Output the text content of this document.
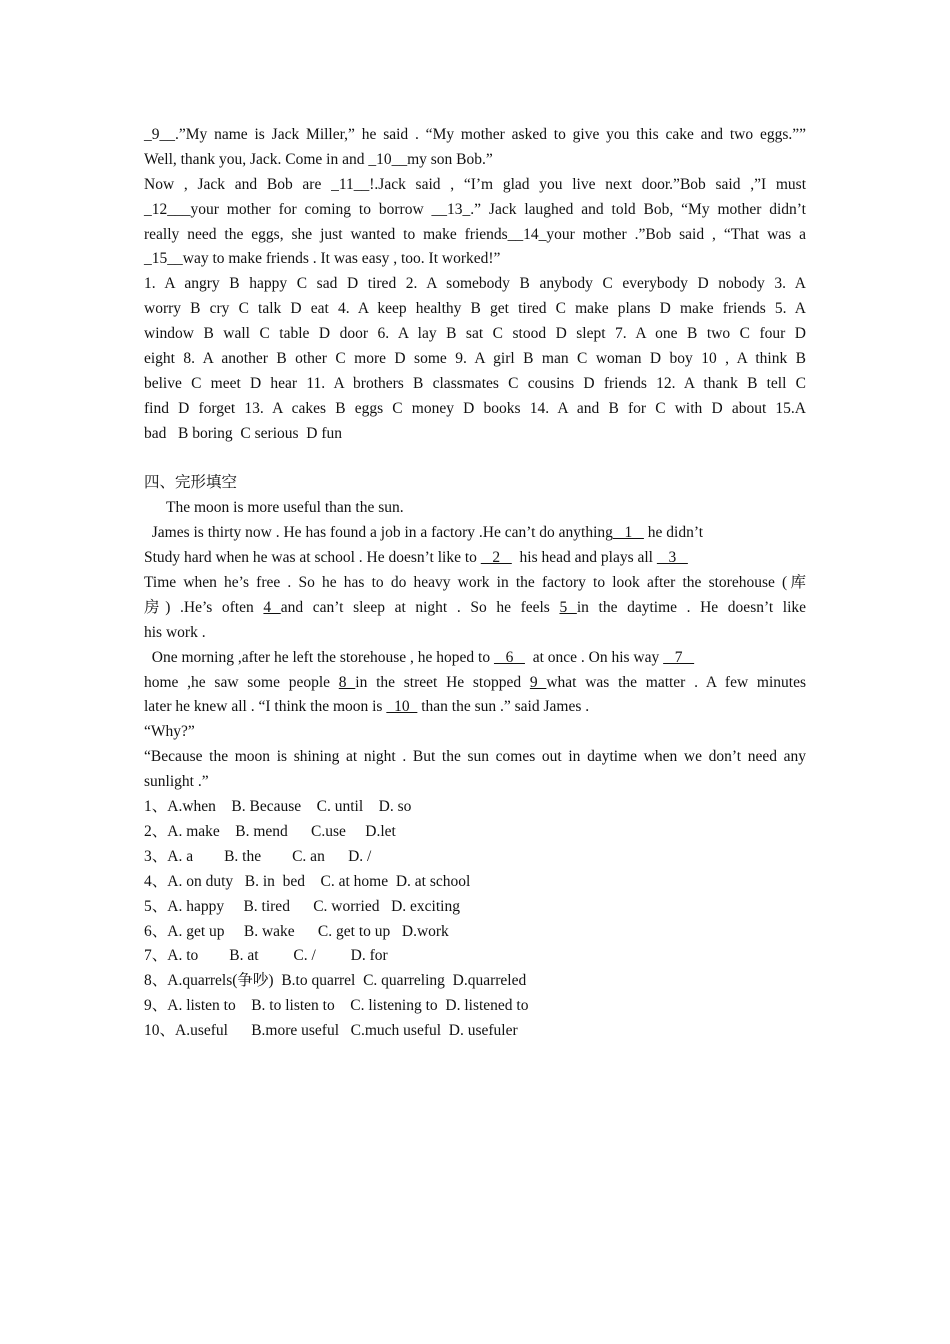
_9__.”My name is Jack Miller,” he said . “My mother asked to give you this cake and two eggs.””
Well, thank you, Jack. Come in and _10__my son Bob.”
Now , Jack and Bob are _11__!.Jack said , “I’m glad you live next door.”Bob said ,”I must
_12___your mother for coming to borrow __13_.” Jack laughed and told Bob, “My mother didn’t
really need the eggs, she just wanted to make friends__14_your mother .”Bob said , “That was a
_15__way to make friends . It was easy , too. It worked!”
1. A angry B happy C sad D tired 2. A somebody B anybody C everybody D nobody 3. A
worry B cry C talk D eat 4. A keep healthy B get tired C make plans D make friends 5. A
window B wall C table D door 6. A lay B sat C stood D slept 7. A one B two C four D
eight 8. A another B other C more D some 9. A girl B man C woman D boy 10 , A think B
belive C meet D hear 11. A brothers B classmates C cousins D friends 12. A thank B tell C
find D forget 13. A cakes B eggs C money D books 14. A and B for C with D about 15.A
bad   B boring  C serious  D fun
四、完形填空
The moon is more useful than the sun.
James is thirty now . He has found a job in a factory .He can’t do anything   1    he didn’t
Study hard when he was at school . He doesn’t like to    2     his head and plays all    3
Time when he’s free . So he has to do heavy work in the factory to look after the storehouse (库
房) .He’s often 4 and can’t sleep at night . So he feels 5 in the daytime . He doesn’t like
his work .
One morning ,after he left the storehouse , he hoped to    6     at once . On his way    7
home ,he saw some people 8 in the street He stopped 9 what was the matter . A few minutes
later he knew all . “I think the moon is   10   than the sun .” said James .
“Why?”
“Because the moon is shining at night . But the sun comes out in daytime when we don’t need any
sunlight .”
1、A.when    B. Because    C. until    D. so
2、A. make    B. mend      C.use     D.let
3、A. a        B. the        C. an      D. /
4、A. on duty   B. in  bed    C. at home  D. at school
5、A. happy     B. tired      C. worried   D. exciting
6、A. get up     B. wake      C. get to up   D.work
7、A. to        B. at         C. /         D. for
8、A.quarrels(争吵)  B.to quarrel  C. quarreling  D.quarreled
9、A. listen to    B. to listen to    C. listening to  D. listened to
10、A.useful      B.more useful   C.much useful  D. usefuler
